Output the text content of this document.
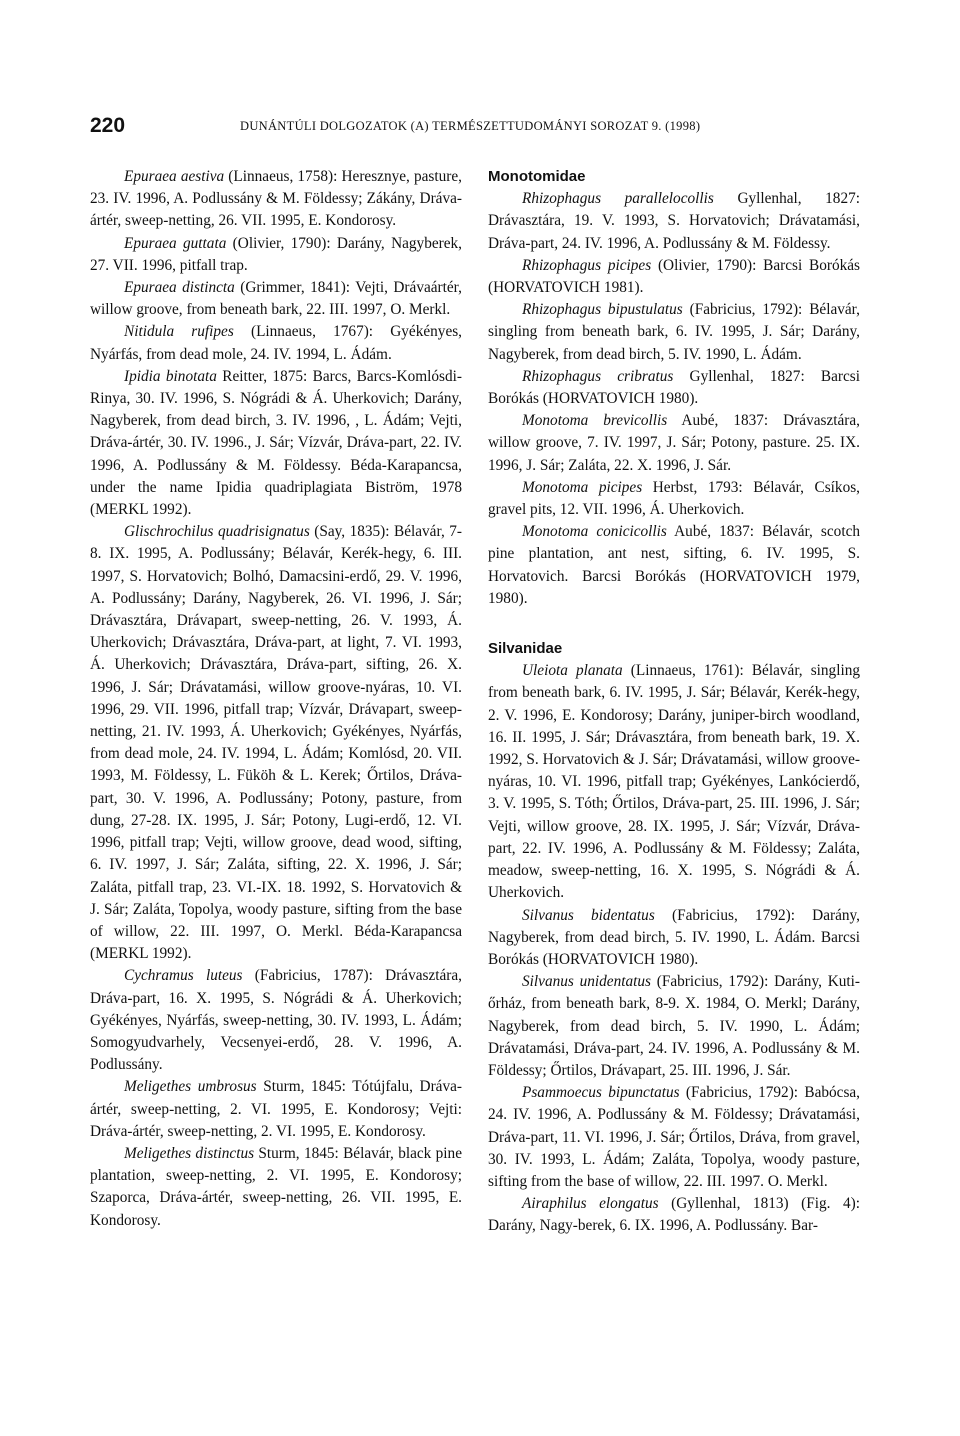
220	DUNÁNTÚLI DOLGOZATOK (A) TERMÉSZETTUDOMÁNYI SOROZAT 9. (1998)

Epuraea aestiva (Linnaeus, 1758): Heresznye, pasture, 23. IV. 1996, A. Podlussány & M. Földessy; Zákány, Dráva-ártér, sweep-netting, 26. VII. 1995, E. Kondorosy.

Epuraea guttata (Olivier, 1790): Darány, Nagyberek, 27. VII. 1996, pitfall trap.

Epuraea distincta (Grimmer, 1841): Vejti, Drávaártér, willow groove, from beneath bark, 22. III. 1997, O. Merkl.

Nitidula rufipes (Linnaeus, 1767): Gyékényes, Nyárfás, from dead mole, 24. IV. 1994, L. Ádám.

Ipidia binotata Reitter, 1875: Barcs, Barcs-Komlósdi-Rinya, 30. IV. 1996, S. Nógrádi & Á. Uherkovich; Darány, Nagyberek, from dead birch, 3. IV. 1996, , L. Ádám; Vejti, Dráva-ártér, 30. IV. 1996., J. Sár; Vízvár, Dráva-part, 22. IV. 1996, A. Podlussány & M. Földessy. Béda-Karapancsa, under the name Ipidia quadriplagiata Biström, 1978 (MERKL 1992).

Glischrochilus quadrisignatus (Say, 1835): Bélavár, 7-8. IX. 1995, A. Podlussány; Bélavár, Kerék-hegy, 6. III. 1997, S. Horvatovich; Bolhó, Damacsini-erdő, 29. V. 1996, A. Podlussány; Darány, Nagyberek, 26. VI. 1996, J. Sár; Drávasztára, Drávapart, sweep-netting, 26. V. 1993, Á. Uherkovich; Drávasztára, Dráva-part, at light, 7. VI. 1993, Á. Uherkovich; Drávasztára, Dráva-part, sifting, 26. X. 1996, J. Sár; Drávatamási, willow groove-nyáras, 10. VI. 1996, 29. VII. 1996, pitfall trap; Vízvár, Drávapart, sweep-netting, 21. IV. 1993, Á. Uherkovich; Gyékényes, Nyárfás, from dead mole, 24. IV. 1994, L. Ádám; Komlósd, 20. VII. 1993, M. Földessy, L. Füköh & L. Kerek; Őrtilos, Dráva-part, 30. V. 1996, A. Podlussány; Potony, pasture, from dung, 27-28. IX. 1995, J. Sár; Potony, Lugi-erdő, 12. VI. 1996, pitfall trap; Vejti, willow groove, dead wood, sifting, 6. IV. 1997, J. Sár; Zaláta, sifting, 22. X. 1996, J. Sár; Zaláta, pitfall trap, 23. VI.-IX. 18. 1992, S. Horvatovich & J. Sár; Zaláta, Topolya, woody pasture, sifting from the base of willow, 22. III. 1997, O. Merkl. Béda-Karapancsa (MERKL 1992).

Cychramus luteus (Fabricius, 1787): Drávasztára, Dráva-part, 16. X. 1995, S. Nógrádi & Á. Uherkovich; Gyékényes, Nyárfás, sweep-netting, 30. IV. 1993, L. Ádám; Somogyudvarhely, Vecsenyei-erdő, 28. V. 1996, A. Podlussány.

Meligethes umbrosus Sturm, 1845: Tótújfalu, Dráva-ártér, sweep-netting, 2. VI. 1995, E. Kondorosy; Vejti: Dráva-ártér, sweep-netting, 2. VI. 1995, E. Kondorosy.

Meligethes distinctus Sturm, 1845: Bélavár, black pine plantation, sweep-netting, 2. VI. 1995, E. Kondorosy; Szaporca, Dráva-ártér, sweep-netting, 26. VII. 1995, E. Kondorosy.

Monotomidae

Rhizophagus parallelocollis Gyllenhal, 1827: Drávasztára, 19. V. 1993, S. Horvatovich; Drávatamási, Dráva-part, 24. IV. 1996, A. Podlussány & M. Földessy.

Rhizophagus picipes (Olivier, 1790): Barcsi Borókás (HORVATOVICH 1981).

Rhizophagus bipustulatus (Fabricius, 1792): Bélavár, singling from beneath bark, 6. IV. 1995, J. Sár; Darány, Nagyberek, from dead birch, 5. IV. 1990, L. Ádám.

Rhizophagus cribratus Gyllenhal, 1827: Barcsi Borókás (HORVATOVICH 1980).

Monotoma brevicollis Aubé, 1837: Drávasztára, willow groove, 7. IV. 1997, J. Sár; Potony, pasture. 25. IX. 1996, J. Sár; Zaláta, 22. X. 1996, J. Sár.

Monotoma picipes Herbst, 1793: Bélavár, Csíkos, gravel pits, 12. VII. 1996, Á. Uherkovich.

Monotoma conicicollis Aubé, 1837: Bélavár, scotch pine plantation, ant nest, sifting, 6. IV. 1995, S. Horvatovich. Barcsi Borókás (HORVATOVICH 1979, 1980).

Silvanidae

Uleiota planata (Linnaeus, 1761): Bélavár, singling from beneath bark, 6. IV. 1995, J. Sár; Bélavár, Kerék-hegy, 2. V. 1996, E. Kondorosy; Darány, juniper-birch woodland, 16. II. 1995, J. Sár; Drávasztára, from beneath bark, 19. X. 1992, S. Horvatovich & J. Sár; Drávatamási, willow groove-nyáras, 10. VI. 1996, pitfall trap; Gyékényes, Lankócierdő, 3. V. 1995, S. Tóth; Őrtilos, Dráva-part, 25. III. 1996, J. Sár; Vejti, willow groove, 28. IX. 1995, J. Sár; Vízvár, Dráva-part, 22. IV. 1996, A. Podlussány & M. Földessy; Zaláta, meadow, sweep-netting, 16. X. 1995, S. Nógrádi & Á. Uherkovich.

Silvanus bidentatus (Fabricius, 1792): Darány, Nagyberek, from dead birch, 5. IV. 1990, L. Ádám. Barcsi Borókás (HORVATOVICH 1980).

Silvanus unidentatus (Fabricius, 1792): Darány, Kuti-őrház, from beneath bark, 8-9. X. 1984, O. Merkl; Darány, Nagyberek, from dead birch, 5. IV. 1990, L. Ádám; Drávatamási, Dráva-part, 24. IV. 1996, A. Podlussány & M. Földessy; Őrtilos, Drávapart, 25. III. 1996, J. Sár.

Psammoecus bipunctatus (Fabricius, 1792): Babócsa, 24. IV. 1996, A. Podlussány & M. Földessy; Drávatamási, Dráva-part, 11. VI. 1996, J. Sár; Őrtilos, Dráva, from gravel, 30. IV. 1993, L. Ádám; Zaláta, Topolya, woody pasture, sifting from the base of willow, 22. III. 1997. O. Merkl.

Airaphilus elongatus (Gyllenhal, 1813) (Fig. 4): Darány, Nagy-berek, 6. IX. 1996, A. Podlussány. Bar-
